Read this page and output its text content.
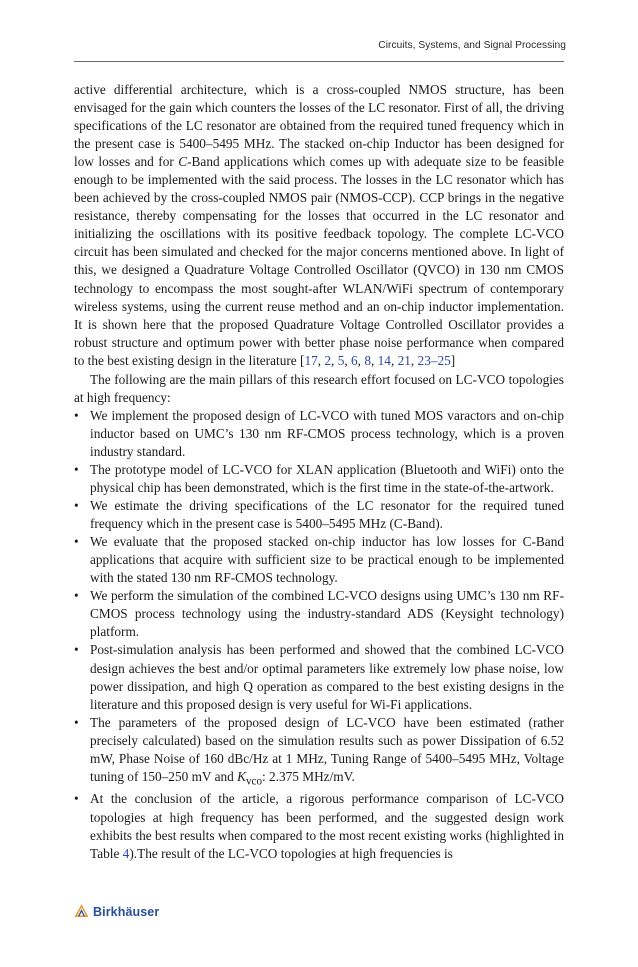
Circuits, Systems, and Signal Processing

active differential architecture, which is a cross-coupled NMOS structure, has been envisaged for the gain which counters the losses of the LC resonator. First of all, the driving specifications of the LC resonator are obtained from the required tuned frequency which in the present case is 5400–5495 MHz. The stacked on-chip Inductor has been designed for low losses and for C-Band applications which comes up with adequate size to be feasible enough to be implemented with the said process. The losses in the LC resonator which has been achieved by the cross-coupled NMOS pair (NMOS-CCP). CCP brings in the negative resistance, thereby compensating for the losses that occurred in the LC resonator and initializing the oscillations with its positive feedback topology. The complete LC-VCO circuit has been simulated and checked for the major concerns mentioned above. In light of this, we designed a Quadrature Voltage Controlled Oscillator (QVCO) in 130 nm CMOS technology to encompass the most sought-after WLAN/WiFi spectrum of contemporary wireless systems, using the current reuse method and an on-chip inductor implementation. It is shown here that the proposed Quadrature Voltage Controlled Oscillator provides a robust structure and optimum power with better phase noise performance when compared to the best existing design in the literature [17, 2, 5, 6, 8, 14, 21, 23–25]

The following are the main pillars of this research effort focused on LC-VCO topologies at high frequency:

• We implement the proposed design of LC-VCO with tuned MOS varactors and on-chip inductor based on UMC’s 130 nm RF-CMOS process technology, which is a proven industry standard.
• The prototype model of LC-VCO for XLAN application (Bluetooth and WiFi) onto the physical chip has been demonstrated, which is the first time in the state-of-the-artwork.
• We estimate the driving specifications of the LC resonator for the required tuned frequency which in the present case is 5400–5495 MHz (C-Band).
• We evaluate that the proposed stacked on-chip inductor has low losses for C-Band applications that acquire with sufficient size to be practical enough to be implemented with the stated 130 nm RF-CMOS technology.
• We perform the simulation of the combined LC-VCO designs using UMC’s 130 nm RF-CMOS process technology using the industry-standard ADS (Keysight technology) platform.
• Post-simulation analysis has been performed and showed that the combined LC-VCO design achieves the best and/or optimal parameters like extremely low phase noise, low power dissipation, and high Q operation as compared to the best existing designs in the literature and this proposed design is very useful for Wi-Fi applications.
• The parameters of the proposed design of LC-VCO have been estimated (rather precisely calculated) based on the simulation results such as power Dissipation of 6.52 mW, Phase Noise of 160 dBc/Hz at 1 MHz, Tuning Range of 5400–5495 MHz, Voltage tuning of 150–250 mV and $K_{vco}$: 2.375 MHz/mV.
• At the conclusion of the article, a rigorous performance comparison of LC-VCO topologies at high frequency has been performed, and the suggested design work exhibits the best results when compared to the most recent existing works (highlighted in Table 4).The result of the LC-VCO topologies at high frequencies is
Birkhäuser
